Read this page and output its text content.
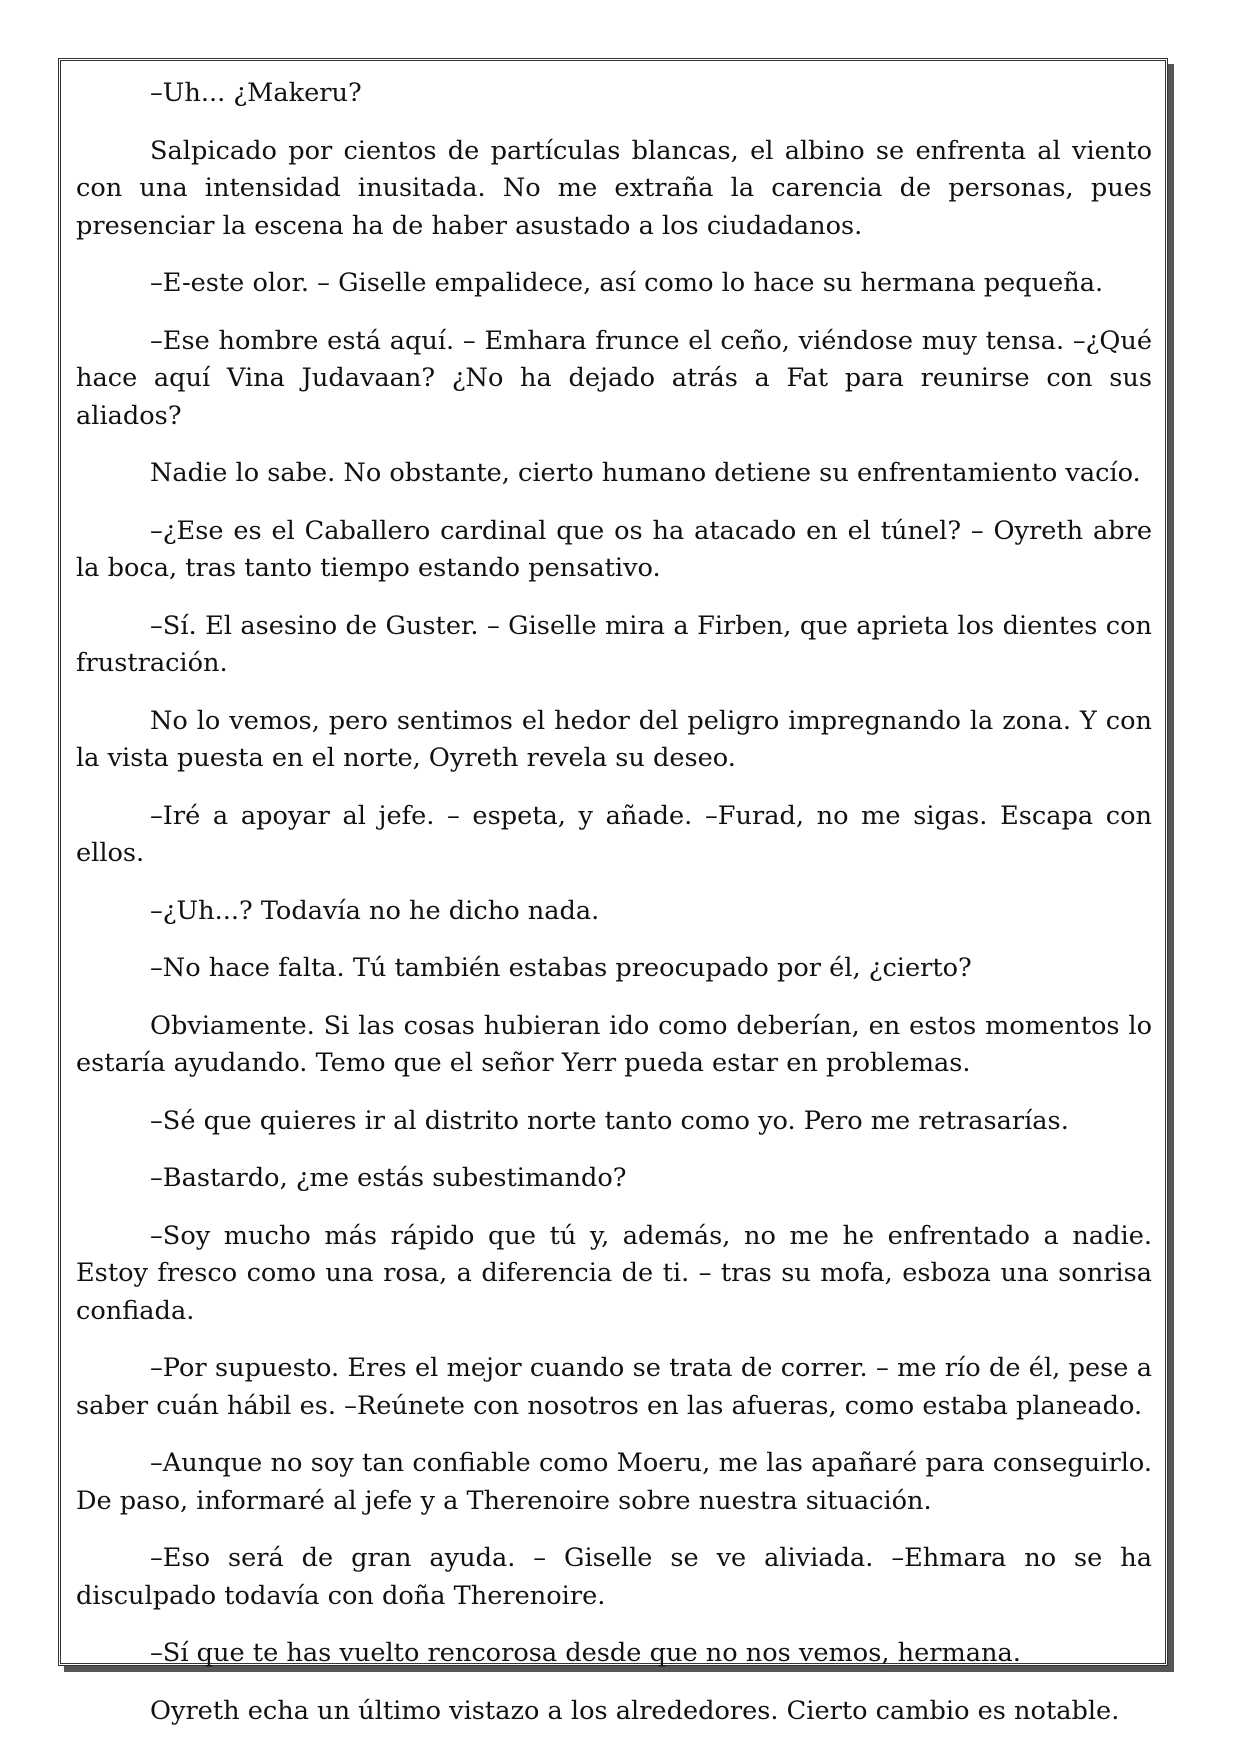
–Uh... ¿Makeru?

Salpicado por cientos de partículas blancas, el albino se enfrenta al viento con una intensidad inusitada. No me extraña la carencia de personas, pues presenciar la escena ha de haber asustado a los ciudadanos.

–E-este olor. – Giselle empalidece, así como lo hace su hermana pequeña.

–Ese hombre está aquí. – Emhara frunce el ceño, viéndose muy tensa. –¿Qué hace aquí Vina Judavaan? ¿No ha dejado atrás a Fat para reunirse con sus aliados?

Nadie lo sabe. No obstante, cierto humano detiene su enfrentamiento vacío.

–¿Ese es el Caballero cardinal que os ha atacado en el túnel? – Oyreth abre la boca, tras tanto tiempo estando pensativo.

–Sí. El asesino de Guster. – Giselle mira a Firben, que aprieta los dientes con frustración.

No lo vemos, pero sentimos el hedor del peligro impregnando la zona. Y con la vista puesta en el norte, Oyreth revela su deseo.

–Iré a apoyar al jefe. – espeta, y añade. –Furad, no me sigas. Escapa con ellos.

–¿Uh...? Todavía no he dicho nada.

–No hace falta. Tú también estabas preocupado por él, ¿cierto?

Obviamente. Si las cosas hubieran ido como deberían, en estos momentos lo estaría ayudando. Temo que el señor Yerr pueda estar en problemas.

–Sé que quieres ir al distrito norte tanto como yo. Pero me retrasarías.

–Bastardo, ¿me estás subestimando?

–Soy mucho más rápido que tú y, además, no me he enfrentado a nadie. Estoy fresco como una rosa, a diferencia de ti. – tras su mofa, esboza una sonrisa confiada.

–Por supuesto. Eres el mejor cuando se trata de correr. – me río de él, pese a saber cuán hábil es. –Reúnete con nosotros en las afueras, como estaba planeado.

–Aunque no soy tan confiable como Moeru, me las apañaré para conseguirlo. De paso, informaré al jefe y a Therenoire sobre nuestra situación.

–Eso será de gran ayuda. – Giselle se ve aliviada. –Ehmara no se ha disculpado todavía con doña Therenoire.

–Sí que te has vuelto rencorosa desde que no nos vemos, hermana.

Oyreth echa un último vistazo a los alrededores. Cierto cambio es notable.
